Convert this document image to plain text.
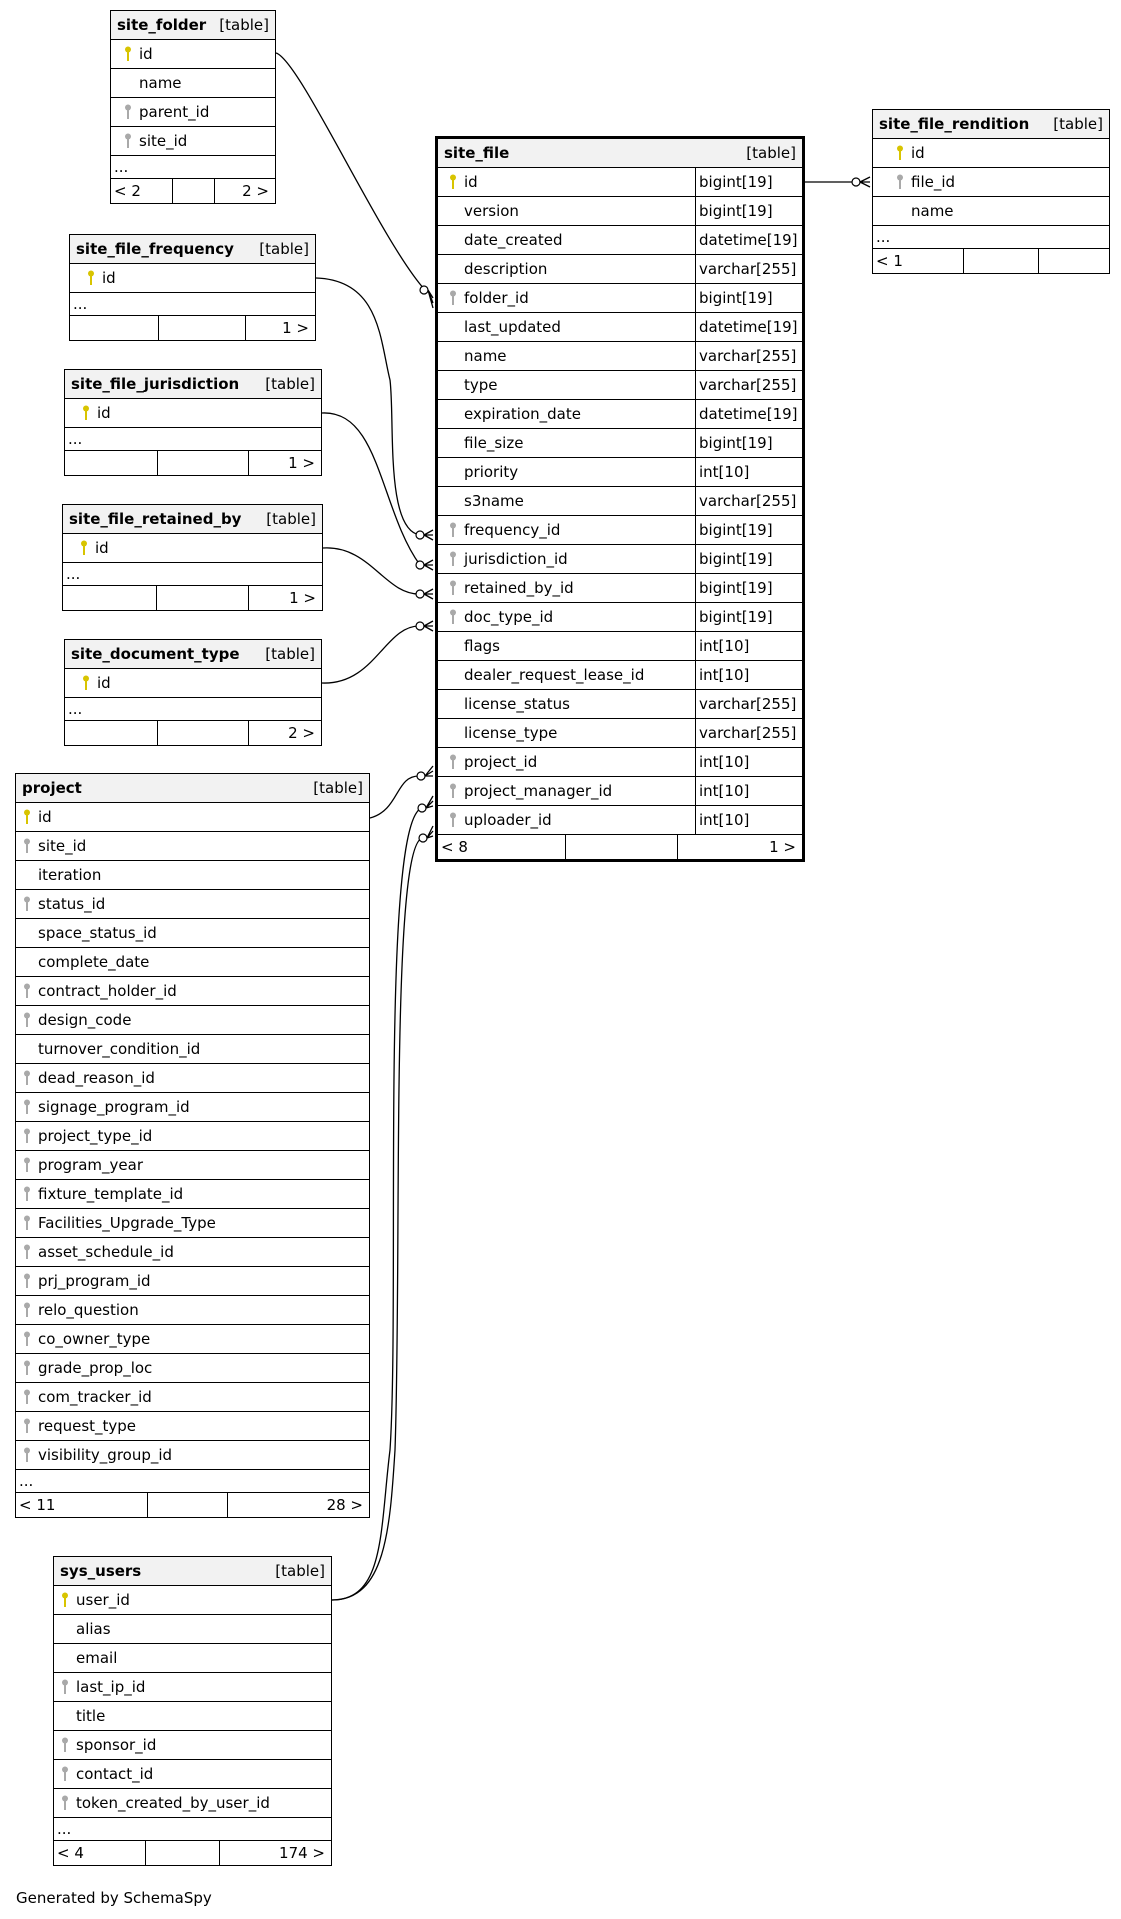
site_folder [table]
id
name
parent_id
site_id
...
< 2	2 >
site_file_frequency [table]
id
...
1 >
site_file_jurisdiction [table]
id
...
1 >
site_file_retained_by [table]
id
...
1 >
site_document_type [table]
id
...
2 >
project	[table]
id
site_id
iteration
status_id
space_status_id
complete_date
contract_holder_id
design_code
turnover_condition_id
dead_reason_id
signage_program_id
project_type_id
program_year
fixture_template_id
Facilities_Upgrade_Type
asset_schedule_id
prj_program_id
relo_question
co_owner_type
grade_prop_loc
com_tracker_id
request_type
visibility_group_id
...
< 11	28 >
sys_users	[table]
user_id
alias
email
last_ip_id
title
sponsor_id
contact_id
token_created_by_user_id
...
< 4	174 >
site_file	[table]
id	bigint[19]
version	bigint[19]
date_created	datetime[19]
description	varchar[255]
folder_id	bigint[19]
last_updated	datetime[19]
name	varchar[255]
type	varchar[255]
expiration_date	datetime[19]
file_size	bigint[19]
priority	int[10]
s3name	varchar[255]
frequency_id	bigint[19]
jurisdiction_id	bigint[19]
retained_by_id	bigint[19]
doc_type_id	bigint[19]
flags	int[10]
dealer_request_lease_id	int[10]
license_status	varchar[255]
license_type	varchar[255]
project_id	int[10]
project_manager_id	int[10]
uploader_id	int[10]
< 8	1 >
site_file_rendition [table]
id
file_id
name
...
< 1
Generated by SchemaSpy
